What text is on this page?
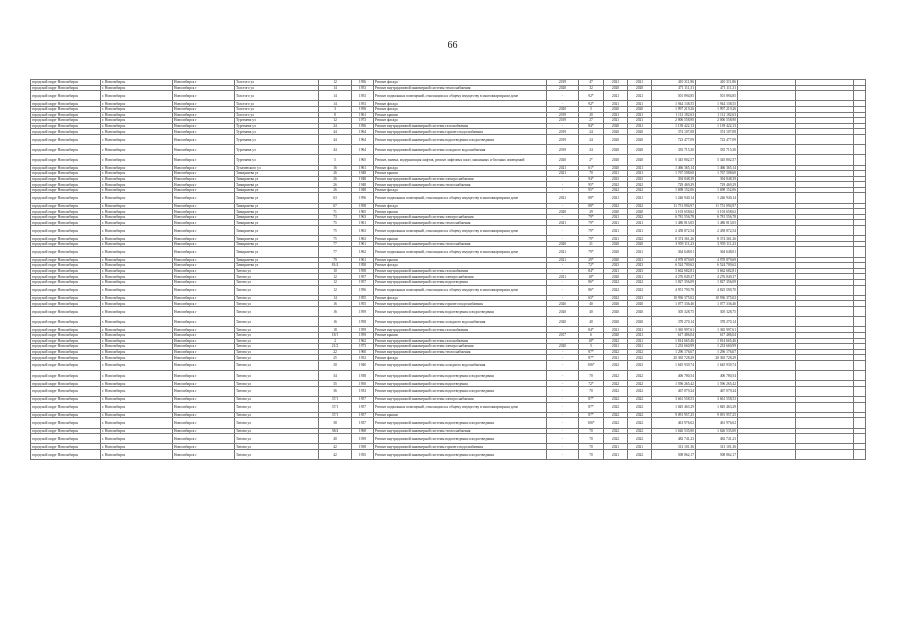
66
городской округ Новосибирск	г. Новосибирск	Новосибирск г	Толстого ул	12	1956	Ремонт фасада	2019	47	2021	2021	410 311,86	410 311,86			
городской округ Новосибирск	г. Новосибирск	Новосибирск г	Толстого ул	14	1953	Ремонт внутридомовой инженерной системы теплоснабжения	2020	32	2020	2020	471 111,31	471 111,31			
городской округ Новосибирск	г. Новосибирск	Новосибирск г	Толстого ул	14	1953	Ремонт подвальных помещений, относящихся к общему имуществу в многоквартирном доме	-	92*	2021	2021	501 894,85	501 894,85			
городской округ Новосибирск	г. Новосибирск	Новосибирск г	Толстого ул	14	1953	Ремонт фасада	-	92*	2021	2021	1 944 138,55	1 944 138,55			
городской округ Новосибирск	г. Новосибирск	Новосибирск г	Толстого ул	3	1958	Ремонт фасада	2020	5	2020	2020	1 997 219,26	1 997 219,26			
городской округ Новосибирск	г. Новосибирск	Новосибирск г	Толстого ул	8	1961	Ремонт крыши	2019	20	2021	2021	1 112 182,63	1 112 182,63			
городской округ Новосибирск	г. Новосибирск	Новосибирск г	Тургенева ул	12	1973	Ремонт фасада	2019	27	2021	2021	2 006 558,90	2 006 558,90			
городской округ Новосибирск	г. Новосибирск	Новосибирск г	Тургенева ул	24	1956	Ремонт внутридомовой инженерной системы газоснабжения	-	84*	2020	2021	1 139 422,13	1 139 422,13			
городской округ Новосибирск	г. Новосибирск	Новосибирск г	Тургенева ул	44	1964	Ремонт внутридомовой инженерной системы горячего водоснабжения	2019	24	2020	2020	374 107,08	374 107,08			
городской округ Новосибирск	г. Новосибирск	Новосибирск г	Тургенева ул	44	1964	Ремонт внутридомовой инженерной системы водоотведения и водоотведения	2019	24	2020	2020	723 477,09	723 477,09			
городской округ Новосибирск	г. Новосибирск	Новосибирск г	Тургенева ул	44	1964	Ремонт внутридомовой инженерной системы холодного водоснабжения	2019	24	2020	2020	335 715,30	335 715,30			
городской округ Новосибирск	г. Новосибирск	Новосибирск г	Тургенева ул	5	1965	Ремонт, замена, модернизация лифтов, ремонт лифтовых шахт, машинных и блочных помещений	2020	2*	2020	2020	5 345 802,57	5 345 802,57			
городской округ Новосибирск	г. Новосибирск	Новосибирск г	Тухачевского ул	16	1961	Ремонт фасада	2021	61*	2020	2021	1 466 365,14	1 466 365,14			
городской округ Новосибирск	г. Новосибирск	Новосибирск г	Тимирязева ул	26	1948	Ремонт крыши	2021	70	2021	2021	1 767 508,60	1 767 508,60			
городской округ Новосибирск	г. Новосибирск	Новосибирск г	Тимирязева ул	26	1948	Ремонт внутридомовой инженерной системы электроснабжения	-	94*	2023	2023	394 848,39	394 848,39			
городской округ Новосибирск	г. Новосибирск	Новосибирск г	Тимирязева ул	26	1948	Ремонт внутридомовой инженерной системы теплоснабжения	-	95*	2022	2022	729 469,29	729 469,29			
городской округ Новосибирск	г. Новосибирск	Новосибирск г	Тимирязева ул	26	1948	Ремонт фасада	-	95*	2022	2022	1 698 152,06	1 698 152,06			
городской округ Новосибирск	г. Новосибирск	Новосибирск г	Тимирязева ул	63	1956	Ремонт подвальных помещений, относящихся к общему имуществу в многоквартирном доме	2021	88*	2021	2021	1 246 940,14	1 246 940,14			
городской округ Новосибирск	г. Новосибирск	Новосибирск г	Тимирязева ул	67	1958	Ремонт фасада	-	88*	2022	2022	11 751 094,97	11 751 094,97			
городской округ Новосибирск	г. Новосибирск	Новосибирск г	Тимирязева ул	71	1965	Ремонт крыши	2020	29	2020	2020	3 103 658,62	3 103 658,62			
городской округ Новосибирск	г. Новосибирск	Новосибирск г	Тимирязева ул	73	1963	Ремонт внутридомовой инженерной системы электроснабжения	-	79*	2021	2022	6 781 556,78	6 781 556,78			
городской округ Новосибирск	г. Новосибирск	Новосибирск г	Тимирязева ул	75	1961	Ремонт внутридомовой инженерной системы теплоснабжения	2021	79*	2021	2021	1 486 813,05	1 486 813,05			
городской округ Новосибирск	г. Новосибирск	Новосибирск г	Тимирязева ул	75	1963	Ремонт подвальных помещений, относящихся к общему имуществу в многоквартирном доме	-	79*	2021	2021	2 458 872,54	2 458 872,54			
городской округ Новосибирск	г. Новосибирск	Новосибирск г	Тимирязева ул	75	1963	Ремонт крыши	-	79*	2021	2022	8 374 361,26	8 374 361,26			
городской округ Новосибирск	г. Новосибирск	Новосибирск г	Тимирязева ул	77	1961	Ремонт внутридомовой инженерной системы теплоснабжения	2020	21	2020	2020	3 959 111,23	3 959 111,23			
городской округ Новосибирск	г. Новосибирск	Новосибирск г	Тимирязева ул	77	1962	Ремонт подвальных помещений, относящихся к общему имуществу в многоквартирном доме	2021	79*	2020	2021	364 648,01	364 648,01			
городской округ Новосибирск	г. Новосибирск	Новосибирск г	Тимирязева ул	79	1961	Ремонт крыши	2021	29*	2020	2021	4 978 879,69	4 978 879,69			
городской округ Новосибирск	г. Новосибирск	Новосибирск г	Тимирязева ул	81/4	1958	Ремонт фасада	-	72*	2023	2023	6 524 709,62	6 524 709,62			
городской округ Новосибирск	г. Новосибирск	Новосибирск г	Титова ул	10	1958	Ремонт внутридомовой инженерной системы газоснабжения	-	84*	2021	2023	3 662 682,81	3 662 682,81			
городской округ Новосибирск	г. Новосибирск	Новосибирск г	Титова ул	12	1957	Ремонт внутридомовой инженерной системы электроснабжения	2021	18*	2020	2021	4 276 849,37	4 276 849,37			
городской округ Новосибирск	г. Новосибирск	Новосибирск г	Титова ул	12	1957	Ремонт внутридомовой инженерной системы водоотведения	-	86*	2022	2022	1 827 356,09	1 827 356,09			
городской округ Новосибирск	г. Новосибирск	Новосибирск г	Титова ул	12	1956	Ремонт подвальных помещений, относящихся к общему имуществу в многоквартирном доме	-	86*	2022	2023	4 951 790,78	4 825 590,70			
городской округ Новосибирск	г. Новосибирск	Новосибирск г	Титова ул	14	1955	Ремонт фасада	-	65*	2022	2023	10 936 375,02	10 936 375,02			
городской округ Новосибирск	г. Новосибирск	Новосибирск г	Титова ул	16	1955	Ремонт внутридомовой инженерной системы горячего водоснабжения	2020	40	2020	2020	1 077 336,46	1 077 336,46			
городской округ Новосибирск	г. Новосибирск	Новосибирск г	Титова ул	16	1959	Ремонт внутридомовой инженерной системы водоотведения и водоотведения	2020	40	2020	2020	305 328,75	305 328,75			
городской округ Новосибирск	г. Новосибирск	Новосибирск г	Титова ул	16	1958	Ремонт внутридомовой инженерной системы холодного водоснабжения	2020	40	2020	2020	378 270,14	378 270,14			
городской округ Новосибирск	г. Новосибирск	Новосибирск г	Титова ул	18	1959	Ремонт внутридомовой инженерной системы газоснабжения	-	84*	2021	2021	1 365 997,61	1 365 997,61			
городской округ Новосибирск	г. Новосибирск	Новосибирск г	Титова ул	18/1	1959	Ремонт крыши	2017	6	2020	2021	617 486,04	617 486,04			
городской округ Новосибирск	г. Новосибирск	Новосибирск г	Титова ул	2	1962	Ремонт внутридомовой инженерной системы газоснабжения	-	18*	2022	2021	1 814 665,46	1 814 665,46			
городской округ Новосибирск	г. Новосибирск	Новосибирск г	Титова ул	21/2	1973	Ремонт внутридомовой инженерной системы электроснабжения	2020	5	2021	2021	1 233 660,99	1 233 660,99			
городской округ Новосибирск	г. Новосибирск	Новосибирск г	Титова ул	22	1960	Ремонт внутридомовой инженерной системы теплоснабжения	-	87*	2022	2022	1 296 176,67	1 296 176,67			
городской округ Новосибирск	г. Новосибирск	Новосибирск г	Титова ул	25	1952	Ремонт фасада	-	87*	2021	2022	20 365 728,29	20 365 728,29			
городской округ Новосибирск	г. Новосибирск	Новосибирск г	Титова ул	30	1940	Ремонт внутридомовой инженерной системы холодного водоснабжения	-	106*	2022	2023	1 645 939,74	1 645 939,74			
городской округ Новосибирск	г. Новосибирск	Новосибирск г	Титова ул	34	1938	Ремонт внутридомовой инженерной системы водоотведения и водоотведения	-	70	2022	2022	406 780,54	406 780,54			
городской округ Новосибирск	г. Новосибирск	Новосибирск г	Титова ул	35	1950	Ремонт внутридомовой инженерной системы водоотведения	-	72*	2022	2022	1 596 265,42	1 596 265,42			
городской округ Новосибирск	г. Новосибирск	Новосибирск г	Титова ул	36	1933	Ремонт внутридомовой инженерной системы водоотведения и водоотведения	-	70	2022	2022	467 079,24	467 079,24			
городской округ Новосибирск	г. Новосибирск	Новосибирск г	Титова ул	37/1	1957	Ремонт внутридомовой инженерной системы электроснабжения	-	87*	2022	2022	3 661 558,53	3 661 558,53			
городской округ Новосибирск	г. Новосибирск	Новосибирск г	Титова ул	37/1	1957	Ремонт подвальных помещений, относящихся к общему имуществу в многоквартирном доме	-	87*	2022	2022	1 845 463,29	1 845 463,29			
городской округ Новосибирск	г. Новосибирск	Новосибирск г	Титова ул	37/1	1957	Ремонт крыши	-	87*	2022	2022	9 091 957,25	9 091 957,25			
городской округ Новосибирск	г. Новосибирск	Новосибирск г	Титова ул	38	1937	Ремонт внутридомовой инженерной системы водоотведения и водоотведения	-	106*	2022	2022	461 976,02	461 976,02			
городской округ Новосибирск	г. Новосибирск	Новосибирск г	Титова ул	38/4	1968	Ремонт внутридомовой инженерной системы теплоснабжения	-	70	2022	2022	1 626 535,00	1 626 535,00			
городской округ Новосибирск	г. Новосибирск	Новосибирск г	Титова ул	40	1939	Ремонт внутридомовой инженерной системы водоотведения и водоотведения	-	70	2022	2022	482 741,23	482 741,23			
городской округ Новосибирск	г. Новосибирск	Новосибирск г	Титова ул	42	1938	Ремонт внутридомовой инженерной системы горячего водоснабжения	-	70	2021	2021	313 101,36	313 101,36			
городской округ Новосибирск	г. Новосибирск	Новосибирск г	Титова ул	42	1935	Ремонт внутридомовой инженерной системы водоотведения и водоотведения	-	70	2021	2022	508 862,17	508 862,17			
